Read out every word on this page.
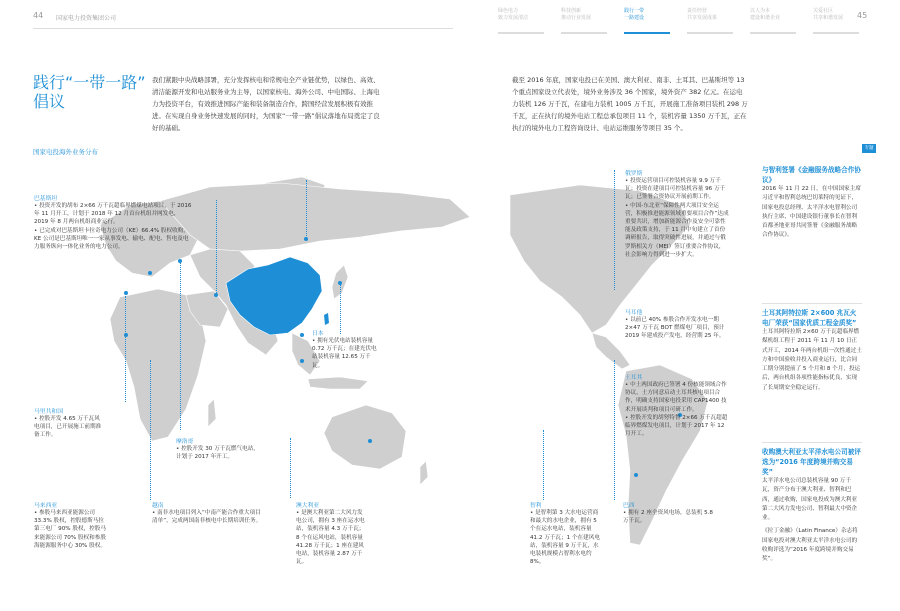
44 国家电力投资集团公司	45
绿色电力
致力发展清洁
科技创新
推动行业发展
践行一带
一路建设
责任经营
共享发展成果
以人为本
建设和谐企业
关爱社区
共享和谐发展
践行“一带一路”
倡议
我们紧跟中央战略部署，充分发挥核电和常规电全产业链优势，以绿色、高效、清洁能源开发和电站服务业为主导，以国家核电、海外公司、中电国际、上海电力为投资平台，有效推进国际产能和装备制造合作，跨国经营发展积极有效推进。在实现自身业务快速发展的同时，为国家“一带一路”倡议落地布局奠定了良好的基础。
截至 2016 年底，国家电投已在美国、澳大利亚、南非、土耳其、巴基斯坦等 13 个重点国家设立代表处，境外业务涉及 36 个国家，境外资产 382 亿元。在运电力装机 126 万千瓦，在建电力装机 1005 万千瓦，开展施工准备项目装机 298 万千瓦，正在执行的境外电站工程总承包项目 11 个，装机容量 1350 万千瓦，正在执行的境外电力工程咨询设计、电站运维服务等项目 35 个。
国家电投海外业务分布	专题
巴基斯坦
• 投资开发的胡布 2×66 万千瓦超临界燃煤电站项目，于 2016 年 11 月开工，计划于 2018 年 12 月首台机组并网发电，2019 年 8 月两台机组商业运行。
• 已完成对巴基斯坦卡拉奇电力公司（KE）66.4% 股权收购，KE 公司是巴基斯坦唯一一家从事发电、输电、配电、售电及电力服务纵向一体化业务的电力公司。
俄罗斯
• 投资运营项目可控装机容量 9.9 万千瓦；投资在建项目可控装机容量 96 万千瓦；已签署合资协议开展前期工作。
• 中国-东北亚“保障性两大项目安全运营，积极推进能源领域重要项目合作”达成重要共识，增加新能源合作及安全可靠性能及政策支持，于 11 月中旬建立了首份调研报告，取得突破性进展，并通过与俄罗斯相关方（MEI）签订重要合作协议，社会影响力得到进一步扩大。
日本
• 拥有光伏电站装机容量 0.72 万千瓦；在建光伏电站装机容量 12.65 万千瓦。
马耳他
• 以前已 40% 参股合作开发水电一期 2×47 万千瓦 BOT 燃煤电厂项目，预计 2019 年建成投产发电，经营期 25 年。
土耳其
• 中土两国政府已签署 4 份核能领域合作协议，土方同意启动土耳其核电项目合作，明确支持国家电投采用 CAP1400 技术开展谈判和项目可研工作。
• 控股开发的胡努特鲁 2×66 万千瓦超超临界燃煤发电项目，计划于 2017 年 12 月开工。
马里共和国
• 控股开发 4.65 万千瓦风电项目，已开展施工前期准备工作。
摩洛哥
• 控股开发 30 万千瓦燃气电站，计划于 2017 年开工。
马来西亚
• 参股马来西亚能源公司 33.3% 股权，控股德斯马拉第三电厂 90% 股权，控股马来能源公司 70% 股权和参股海能源服务中心 30% 股权。
越南
• 南非水电项目列入“中南产能合作重大项目清单”，完成两国南非核电中长期培训任务。
澳大利亚
• 是澳大利亚第二大风力发电公司，拥有 3 座在运水电站，装机容量 4.3 万千瓦；8 个在运风电站，装机容量 41.28 万千瓦；1 座在建风电站，装机容量 2.87 万千瓦。
智利
• 是智利第 3 大水电运营商和最大的水电企业，拥有 5 个在运水电站，装机容量 41.2 万千瓦；1 个在建风电站，装机容量 9 万千瓦，水电装机规模占智利水电约 8%。
巴西
• 拥有 2 座全资风电场，总装机 5.8 万千瓦。
与智利签署《金融服务战略合作协议》
2016 年 11 月 22 日，在中国国家主席习近平和智利总统巴切莱特的见证下，国家电投总经理、太平洋水电智利公司执行主席、中国建设银行董事长在智利首都圣地亚哥共同签署《金融服务战略合作协议》。
土耳其阿特拉斯 2×600 兆瓦火电厂荣获“国家优质工程金质奖”
土耳其阿特拉斯 2×60 万千瓦超临界燃煤机组工程于 2011 年 11 月 10 日正式开工，2014 年两台机组一次性通过土方和中国验收并投入商业运行，比合同工期分别提前了 5 个月和 8 个月，投运后，两台机组各项性能指标优良，实现了长周期安全稳定运行。
收购澳大利亚太平洋水电公司被评选为“2016 年度跨境并购交易奖”
太平洋水电公司总装机容量 90 万千瓦，资产分布于澳大利亚、智利和巴西，通过收购，国家电投成为澳大利亚第二大风力发电公司、智利最大中资企业。
《拉丁金融》（Latin Finance）杂志将国家电投对澳大利亚太平洋水电公司的收购评选为“2016 年度跨境并购交易奖”。
